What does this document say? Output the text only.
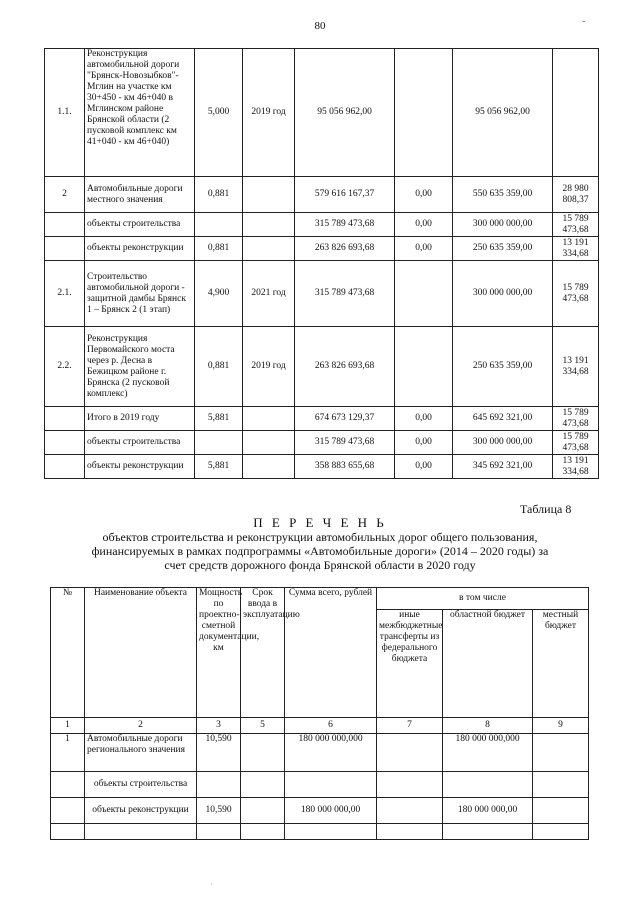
80	-
1.1.	Реконструкция автомобильной дороги "Брянск-Новозыбков"-Мглин на участке км 30+450 - км 46+040 в Мглинском районе Брянской области (2 пусковой комплекс км 41+040 - км 46+040)	5,000	2019 год	95 056 962,00		95 056 962,00	
2	Автомобильные дороги местного значения	0,881		579 616 167,37	0,00	550 635 359,00	28 980 808,37
	объекты строительства			315 789 473,68	0,00	300 000 000,00	15 789 473,68
	объекты реконструкции	0,881		263 826 693,68	0,00	250 635 359,00	13 191 334,68
2.1.	Строительство автомобильной дороги - защитной дамбы Брянск 1 – Брянск 2 (1 этап)	4,900	2021 год	315 789 473,68		300 000 000,00	15 789 473,68
2.2.	Реконструкция Первомайского моста через р. Десна в Бежицком районе г. Брянска (2 пусковой комплекс)	0,881	2019 год	263 826 693,68		250 635 359,00	13 191 334,68
	Итого в 2019 году	5,881		674 673 129,37	0,00	645 692 321,00	15 789 473,68
	объекты строительства			315 789 473,68	0,00	300 000 000,00	15 789 473,68
	объекты реконструкции	5,881		358 883 655,68	0,00	345 692 321,00	13 191 334,68
Таблица 8
П Е Р Е Ч Е Н Ь
объектов строительства и реконструкции автомобильных дорог общего пользования,
финансируемых в рамках подпрограммы «Автомобильные дороги» (2014 – 2020 годы) за
счет средств дорожного фонда Брянской области в 2020 году
№	Наименование объекта	Мощность по проектно-сметной документации, км	Срок ввода в эксплуатацию	Сумма всего, рублей	в том числе		
					иные межбюджетные трансферты из федерального бюджета	областной бюджет	местный бюджет
1	2	3	5	6	7	8	9
1	Автомобильные дороги регионального значения	10,590		180 000 000,000		180 000 000,000	
	объекты строительства						
	объекты реконструкции	10,590		180 000 000,00		180 000 000,00	

·
